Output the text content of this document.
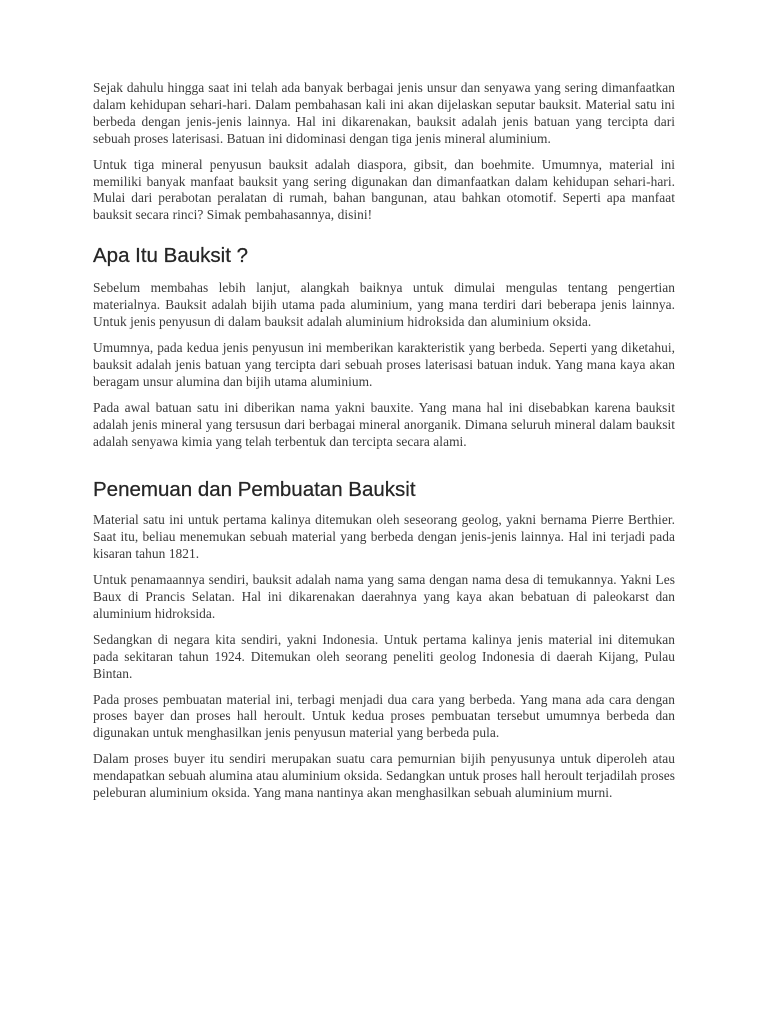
Sejak dahulu hingga saat ini telah ada banyak berbagai jenis unsur dan senyawa yang sering dimanfaatkan dalam kehidupan sehari-hari. Dalam pembahasan kali ini akan dijelaskan seputar bauksit. Material satu ini berbeda dengan jenis-jenis lainnya. Hal ini dikarenakan, bauksit adalah jenis batuan yang tercipta dari sebuah proses laterisasi. Batuan ini didominasi dengan tiga jenis mineral aluminium.

Untuk tiga mineral penyusun bauksit adalah diaspora, gibsit, dan boehmite. Umumnya, material ini memiliki banyak manfaat bauksit yang sering digunakan dan dimanfaatkan dalam kehidupan sehari-hari. Mulai dari perabotan peralatan di rumah, bahan bangunan, atau bahkan otomotif. Seperti apa manfaat bauksit secara rinci? Simak pembahasannya, disini!

Apa Itu Bauksit ?

Sebelum membahas lebih lanjut, alangkah baiknya untuk dimulai mengulas tentang pengertian materialnya. Bauksit adalah bijih utama pada aluminium, yang mana terdiri dari beberapa jenis lainnya. Untuk jenis penyusun di dalam bauksit adalah aluminium hidroksida dan aluminium oksida.

Umumnya, pada kedua jenis penyusun ini memberikan karakteristik yang berbeda. Seperti yang diketahui, bauksit adalah jenis batuan yang tercipta dari sebuah proses laterisasi batuan induk. Yang mana kaya akan beragam unsur alumina dan bijih utama aluminium.

Pada awal batuan satu ini diberikan nama yakni bauxite. Yang mana hal ini disebabkan karena bauksit adalah jenis mineral yang tersusun dari berbagai mineral anorganik. Dimana seluruh mineral dalam bauksit adalah senyawa kimia yang telah terbentuk dan tercipta secara alami.

Penemuan dan Pembuatan Bauksit

Material satu ini untuk pertama kalinya ditemukan oleh seseorang geolog, yakni bernama Pierre Berthier. Saat itu, beliau menemukan sebuah material yang berbeda dengan jenis-jenis lainnya. Hal ini terjadi pada kisaran tahun 1821.

Untuk penamaannya sendiri, bauksit adalah nama yang sama dengan nama desa di temukannya. Yakni Les Baux di Prancis Selatan. Hal ini dikarenakan daerahnya yang kaya akan bebatuan di paleokarst dan aluminium hidroksida.

Sedangkan di negara kita sendiri, yakni Indonesia. Untuk pertama kalinya jenis material ini ditemukan pada sekitaran tahun 1924. Ditemukan oleh seorang peneliti geolog Indonesia di daerah Kijang, Pulau Bintan.

Pada proses pembuatan material ini, terbagi menjadi dua cara yang berbeda. Yang mana ada cara dengan proses bayer dan proses hall heroult. Untuk kedua proses pembuatan tersebut umumnya berbeda dan digunakan untuk menghasilkan jenis penyusun material yang berbeda pula.

Dalam proses buyer itu sendiri merupakan suatu cara pemurnian bijih penyusunya untuk diperoleh atau mendapatkan sebuah alumina atau aluminium oksida. Sedangkan untuk proses hall heroult terjadilah proses peleburan aluminium oksida. Yang mana nantinya akan menghasilkan sebuah aluminium murni.
